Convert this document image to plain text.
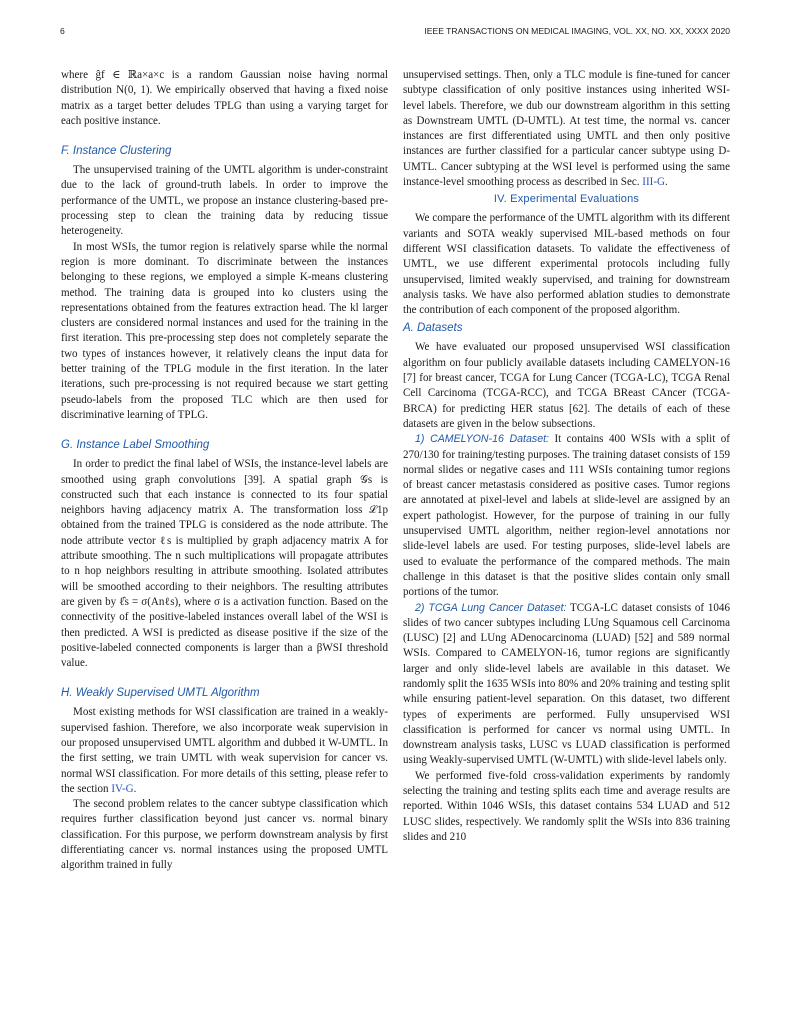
6	IEEE TRANSACTIONS ON MEDICAL IMAGING, VOL. XX, NO. XX, XXXX 2020

where ĝf ∈ ℝa×a×c is a random Gaussian noise having normal distribution N(0, 1). We empirically observed that having a fixed noise matrix as a target better deludes TPLG than using a varying target for each positive instance.

F. Instance Clustering

The unsupervised training of the UMTL algorithm is under-constraint due to the lack of ground-truth labels. In order to improve the performance of the UMTL, we propose an instance clustering-based pre-processing step to clean the training data by reducing tissue heterogeneity.

In most WSIs, the tumor region is relatively sparse while the normal region is more dominant. To discriminate between the instances belonging to these regions, we employed a simple K-means clustering method. The training data is grouped into ko clusters using the representations obtained from the features extraction head. The kl larger clusters are considered normal instances and used for the training in the first iteration. This pre-processing step does not completely separate the two types of instances however, it relatively cleans the input data for better training of the TPLG module in the first iteration. In the later iterations, such pre-processing is not required because we start getting pseudo-labels from the proposed TLC which are then used for discriminative learning of TPLG.

G. Instance Label Smoothing

In order to predict the final label of WSIs, the instance-level labels are smoothed using graph convolutions [39]. A spatial graph 𝒢s is constructed such that each instance is connected to its four spatial neighbors having adjacency matrix A. The transformation loss ℒ1p obtained from the trained TPLG is considered as the node attribute. The node attribute vector ℓs is multiplied by graph adjacency matrix A for attribute smoothing. The n such multiplications will propagate attributes to n hop neighbors resulting in attribute smoothing. Isolated attributes will be smoothed according to their neighbors. The resulting attributes are given by ℓ̂s = σ(Anℓs), where σ is a activation function. Based on the connectivity of the positive-labeled instances overall label of the WSI is then predicted. A WSI is predicted as disease positive if the size of the positive-labeled connected components is larger than a βWSI threshold value.

H. Weakly Supervised UMTL Algorithm

Most existing methods for WSI classification are trained in a weakly-supervised fashion. Therefore, we also incorporate weak supervision in our proposed unsupervised UMTL algorithm and dubbed it W-UMTL. In the first setting, we train UMTL with weak supervision for cancer vs. normal WSI classification. For more details of this setting, please refer to the section IV-G.

The second problem relates to the cancer subtype classification which requires further classification beyond just cancer vs. normal binary classification. For this purpose, we perform downstream analysis by first differentiating cancer vs. normal instances using the proposed UMTL algorithm trained in fully

unsupervised settings. Then, only a TLC module is fine-tuned for cancer subtype classification of only positive instances using inherited WSI-level labels. Therefore, we dub our downstream algorithm in this setting as Downstream UMTL (D-UMTL). At test time, the normal vs. cancer instances are first differentiated using UMTL and then only positive instances are further classified for a particular cancer subtype using D-UMTL. Cancer subtyping at the WSI level is performed using the same instance-level smoothing process as described in Sec. III-G.

IV. Experimental Evaluations

We compare the performance of the UMTL algorithm with its different variants and SOTA weakly supervised MIL-based methods on four different WSI classification datasets. To validate the effectiveness of UMTL, we use different experimental protocols including fully unsupervised, limited weakly supervised, and training for downstream analysis tasks. We have also performed ablation studies to demonstrate the contribution of each component of the proposed algorithm.

A. Datasets

We have evaluated our proposed unsupervised WSI classification algorithm on four publicly available datasets including CAMELYON-16 [7] for breast cancer, TCGA for Lung Cancer (TCGA-LC), TCGA Renal Cell Carcinoma (TCGA-RCC), and TCGA BReast CAncer (TCGA-BRCA) for predicting HER status [62]. The details of each of these datasets are given in the below subsections.

1) CAMELYON-16 Dataset: It contains 400 WSIs with a split of 270/130 for training/testing purposes. The training dataset consists of 159 normal slides or negative cases and 111 WSIs containing tumor regions of breast cancer metastasis considered as positive cases. Tumor regions are annotated at pixel-level and labels at slide-level are assigned by an expert pathologist. However, for the purpose of training in our fully unsupervised UMTL algorithm, neither region-level annotations nor slide-level labels are used. For testing purposes, slide-level labels are used to evaluate the performance of the compared methods. The main challenge in this dataset is that the positive slides contain only small portions of the tumor.

2) TCGA Lung Cancer Dataset: TCGA-LC dataset consists of 1046 slides of two cancer subtypes including LUng Squamous cell Carcinoma (LUSC) [2] and LUng ADenocarcinoma (LUAD) [52] and 589 normal WSIs. Compared to CAMELYON-16, tumor regions are significantly larger and only slide-level labels are available in this dataset. We randomly split the 1635 WSIs into 80% and 20% training and testing split while ensuring patient-level separation. On this dataset, two different types of experiments are performed. Fully unsupervised WSI classification is performed for cancer vs normal using UMTL. In downstream analysis tasks, LUSC vs LUAD classification is performed using Weakly-supervised UMTL (W-UMTL) with slide-level labels only.

We performed five-fold cross-validation experiments by randomly selecting the training and testing splits each time and average results are reported. Within 1046 WSIs, this dataset contains 534 LUAD and 512 LUSC slides, respectively. We randomly split the WSIs into 836 training slides and 210
